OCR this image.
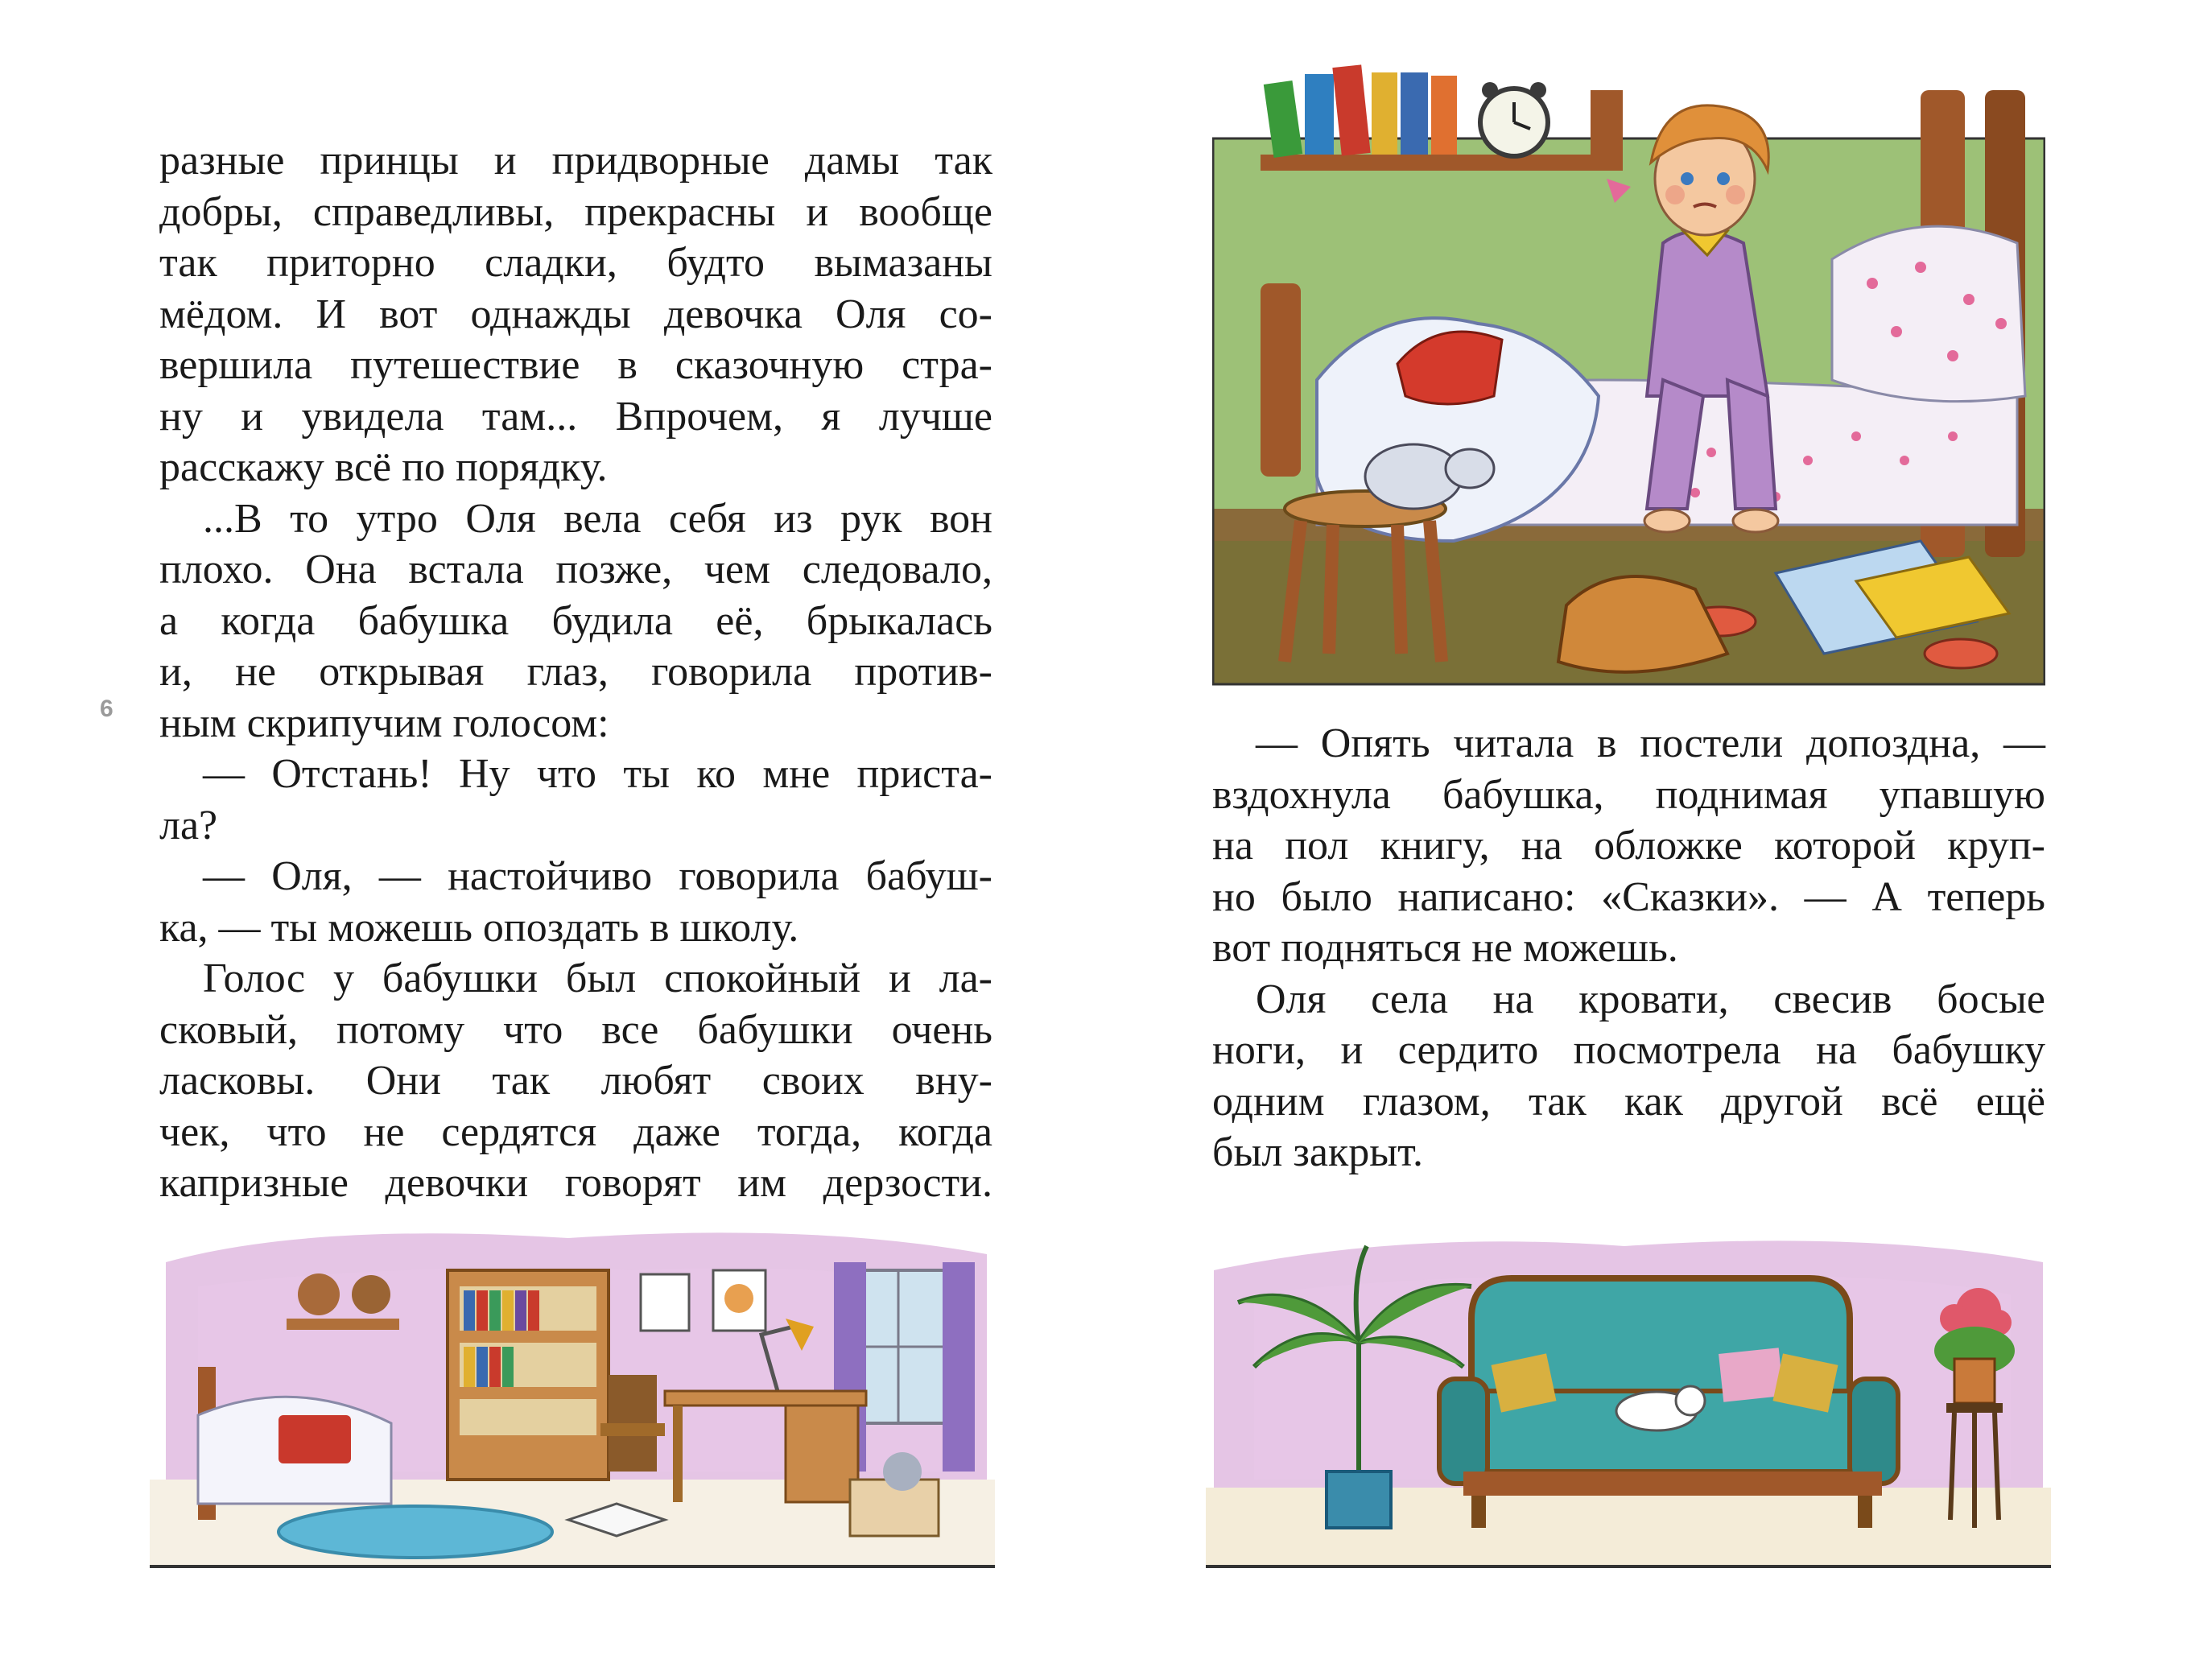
6
разные принцы и придворные дамы так
добры, справедливы, прекрасны и вообще
так приторно сладки, будто вымазаны
мёдом. И вот однажды девочка Оля со-
вершила путешествие в сказочную стра-
ну и увидела там... Впрочем, я лучше
расскажу всё по порядку.
...В то утро Оля вела себя из рук вон
плохо. Она встала позже, чем следовало,
а когда бабушка будила её, брыкалась
и, не открывая глаз, говорила против-
ным скрипучим голосом:
— Отстань! Ну что ты ко мне приста-
ла?
— Оля, — настойчиво говорила бабуш-
ка, — ты можешь опоздать в школу.
Голос у бабушки был спокойный и ла-
сковый, потому что все бабушки очень
ласковы. Они так любят своих вну-
чек, что не сердятся даже тогда, когда
капризные девочки говорят им дерзости.
— Опять читала в постели допоздна, —
вздохнула бабушка, поднимая упавшую
на пол книгу, на обложке которой круп-
но было написано: «Сказки». — А теперь
вот подняться не можешь.
Оля села на кровати, свесив босые
ноги, и сердито посмотрела на бабушку
одним глазом, так как другой всё ещё
был закрыт.
